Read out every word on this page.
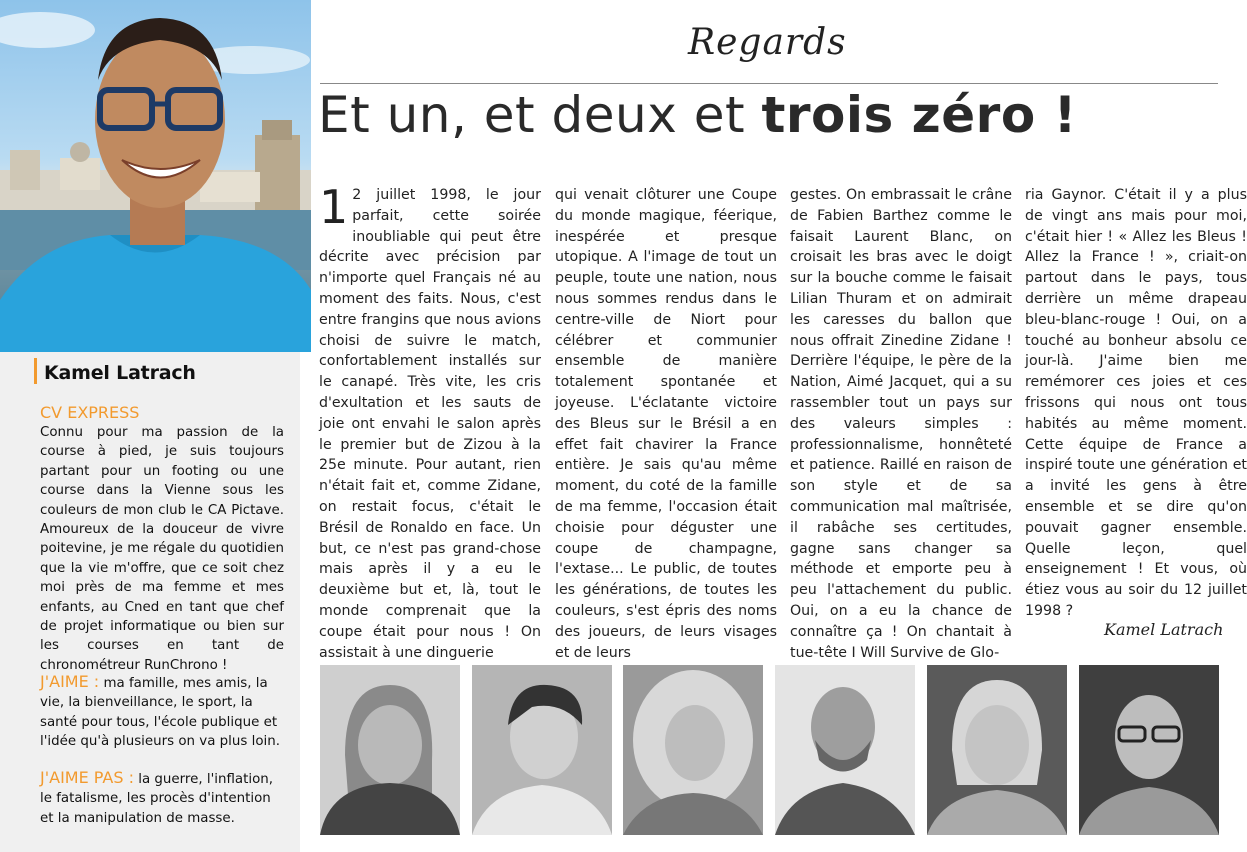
Kamel Latrach
CV EXPRESS
Connu pour ma passion de la course à pied, je suis toujours partant pour un footing ou une course dans la Vienne sous les couleurs de mon club le CA Pictave. Amoureux de la douceur de vivre poitevine, je me régale du quotidien que la vie m'offre, que ce soit chez moi près de ma femme et mes enfants, au Cned en tant que chef de projet informatique ou bien sur les courses en tant de chronométreur RunChrono !
J'AIME : ma famille, mes amis, la vie, la bienveillance, le sport, la santé pour tous, l'école publique et l'idée qu'à plusieurs on va plus loin.
J'AIME PAS : la guerre, l'inflation, le fatalisme, les procès d'intention et la manipulation de masse.
Regards
Et un, et deux et trois zéro !
1 2 juillet 1998, le jour parfait, cette soirée inoubliable qui peut être décrite avec précision par n'importe quel Français né au moment des faits. Nous, c'est entre frangins que nous avions choisi de suivre le match, confortablement installés sur le canapé. Très vite, les cris d'exultation et les sauts de joie ont envahi le salon après le premier but de Zizou à la 25e minute. Pour autant, rien n'était fait et, comme Zidane, on restait focus, c'était le Brésil de Ronaldo en face. Un but, ce n'est pas grand-chose mais après il y a eu le deuxième but et, là, tout le monde comprenait que la coupe était pour nous ! On assistait à une dinguerie
qui venait clôturer une Coupe du monde magique, féerique, inespérée et presque utopique. A l'image de tout un peuple, toute une nation, nous nous sommes rendus dans le centre-ville de Niort pour célébrer et communier ensemble de manière totalement spontanée et joyeuse. L'éclatante victoire des Bleus sur le Brésil a en effet fait chavirer la France entière. Je sais qu'au même moment, du coté de la famille de ma femme, l'occasion était choisie pour déguster une coupe de champagne, l'extase... Le public, de toutes les générations, de toutes les couleurs, s'est épris des noms des joueurs, de leurs visages et de leurs
gestes. On embrassait le crâne de Fabien Barthez comme le faisait Laurent Blanc, on croisait les bras avec le doigt sur la bouche comme le faisait Lilian Thuram et on admirait les caresses du ballon que nous offrait Zinedine Zidane ! Derrière l'équipe, le père de la Nation, Aimé Jacquet, qui a su rassembler tout un pays sur des valeurs simples : professionnalisme, honnêteté et patience. Raillé en raison de son style et de sa communication mal maîtrisée, il rabâche ses certitudes, gagne sans changer sa méthode et emporte peu à peu l'attachement du public. Oui, on a eu la chance de connaître ça ! On chantait à tue-tête I Will Survive de Glo-
ria Gaynor. C'était il y a plus de vingt ans mais pour moi, c'était hier ! « Allez les Bleus ! Allez la France ! », criait-on partout dans le pays, tous derrière un même drapeau bleu-blanc-rouge ! Oui, on a touché au bonheur absolu ce jour-là. J'aime bien me remémorer ces joies et ces frissons qui nous ont tous habités au même moment. Cette équipe de France a inspiré toute une génération et a invité les gens à être ensemble et se dire qu'on pouvait gagner ensemble. Quelle leçon, quel enseignement ! Et vous, où étiez vous au soir du 12 juillet 1998 ?
Kamel Latrach
